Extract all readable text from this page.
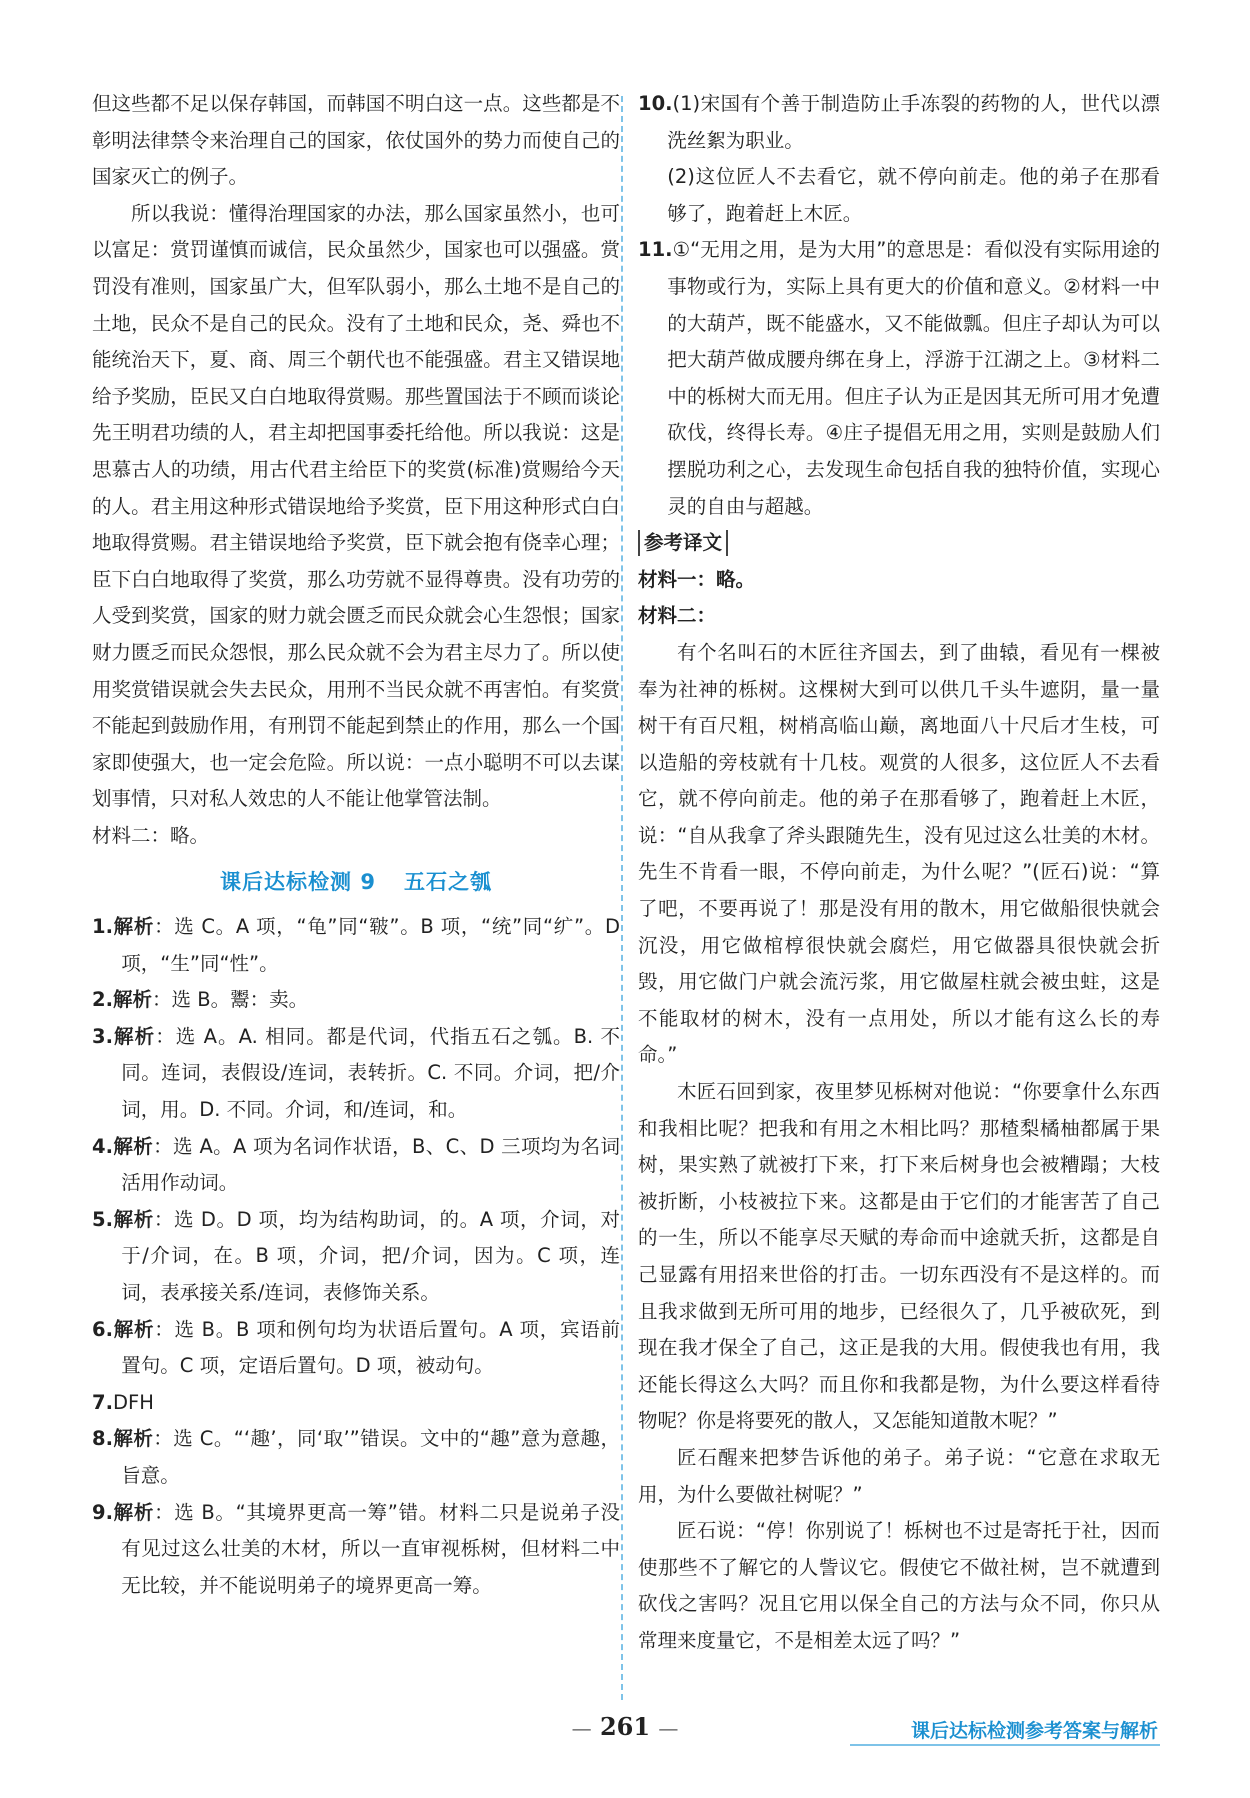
但这些都不足以保存韩国，而韩国不明白这一点。这些都是不彰明法律禁令来治理自己的国家，依仗国外的势力而使自己的国家灭亡的例子。

所以我说：懂得治理国家的办法，那么国家虽然小，也可以富足：赏罚谨慎而诚信，民众虽然少，国家也可以强盛。赏罚没有准则，国家虽广大，但军队弱小，那么土地不是自己的土地，民众不是自己的民众。没有了土地和民众，尧、舜也不能统治天下，夏、商、周三个朝代也不能强盛。君主又错误地给予奖励，臣民又白白地取得赏赐。那些置国法于不顾而谈论先王明君功绩的人，君主却把国事委托给他。所以我说：这是思慕古人的功绩，用古代君主给臣下的奖赏(标准)赏赐给今天的人。君主用这种形式错误地给予奖赏，臣下用这种形式白白地取得赏赐。君主错误地给予奖赏，臣下就会抱有侥幸心理；臣下白白地取得了奖赏，那么功劳就不显得尊贵。没有功劳的人受到奖赏，国家的财力就会匮乏而民众就会心生怨恨；国家财力匮乏而民众怨恨，那么民众就不会为君主尽力了。所以使用奖赏错误就会失去民众，用刑不当民众就不再害怕。有奖赏不能起到鼓励作用，有刑罚不能起到禁止的作用，那么一个国家即使强大，也一定会危险。所以说：一点小聪明不可以去谋划事情，只对私人效忠的人不能让他掌管法制。

材料二：略。

课后达标检测 9 五石之瓠

1.解析：选 C。A 项，“龟”同“皲”。B 项，“统”同“纩”。D 项，“生”同“性”。

2.解析：选 B。鬻：卖。

3.解析：选 A。A. 相同。都是代词，代指五石之瓠。B. 不同。连词，表假设/连词，表转折。C. 不同。介词，把/介词，用。D. 不同。介词，和/连词，和。

4.解析：选 A。A 项为名词作状语，B、C、D 三项均为名词活用作动词。

5.解析：选 D。D 项，均为结构助词，的。A 项，介词，对于/介词，在。B 项，介词，把/介词，因为。C 项，连词，表承接关系/连词，表修饰关系。

6.解析：选 B。B 项和例句均为状语后置句。A 项，宾语前置句。C 项，定语后置句。D 项，被动句。

7.DFH

8.解析：选 C。“‘趣’，同‘取’”错误。文中的“趣”意为意趣，旨意。

9.解析：选 B。“其境界更高一筹”错。材料二只是说弟子没有见过这么壮美的木材，所以一直审视栎树，但材料二中无比较，并不能说明弟子的境界更高一筹。

10.(1)宋国有个善于制造防止手冻裂的药物的人，世代以漂洗丝絮为职业。

(2)这位匠人不去看它，就不停向前走。他的弟子在那看够了，跑着赶上木匠。

11.①“无用之用，是为大用”的意思是：看似没有实际用途的事物或行为，实际上具有更大的价值和意义。②材料一中的大葫芦，既不能盛水，又不能做瓢。但庄子却认为可以把大葫芦做成腰舟绑在身上，浮游于江湖之上。③材料二中的栎树大而无用。但庄子认为正是因其无所可用才免遭砍伐，终得长寿。④庄子提倡无用之用，实则是鼓励人们摆脱功利之心，去发现生命包括自我的独特价值，实现心灵的自由与超越。

参考译文

材料一：略。

材料二：

有个名叫石的木匠往齐国去，到了曲辕，看见有一棵被奉为社神的栎树。这棵树大到可以供几千头牛遮阴，量一量树干有百尺粗，树梢高临山巅，离地面八十尺后才生枝，可以造船的旁枝就有十几枝。观赏的人很多，这位匠人不去看它，就不停向前走。他的弟子在那看够了，跑着赶上木匠，说：“自从我拿了斧头跟随先生，没有见过这么壮美的木材。先生不肯看一眼，不停向前走，为什么呢？”(匠石)说：“算了吧，不要再说了！那是没有用的散木，用它做船很快就会沉没，用它做棺椁很快就会腐烂，用它做器具很快就会折毁，用它做门户就会流污浆，用它做屋柱就会被虫蛀，这是不能取材的树木，没有一点用处，所以才能有这么长的寿命。”

木匠石回到家，夜里梦见栎树对他说：“你要拿什么东西和我相比呢？把我和有用之木相比吗？那楂梨橘柚都属于果树，果实熟了就被打下来，打下来后树身也会被糟蹋；大枝被折断，小枝被拉下来。这都是由于它们的才能害苦了自己的一生，所以不能享尽天赋的寿命而中途就夭折，这都是自己显露有用招来世俗的打击。一切东西没有不是这样的。而且我求做到无所可用的地步，已经很久了，几乎被砍死，到现在我才保全了自己，这正是我的大用。假使我也有用，我还能长得这么大吗？而且你和我都是物，为什么要这样看待物呢？你是将要死的散人，又怎能知道散木呢？”

匠石醒来把梦告诉他的弟子。弟子说：“它意在求取无用，为什么要做社树呢？”

匠石说：“停！你别说了！栎树也不过是寄托于社，因而使那些不了解它的人訾议它。假使它不做社树，岂不就遭到砍伐之害吗？况且它用以保全自己的方法与众不同，你只从常理来度量它，不是相差太远了吗？”

— 261 —	课后达标检测参考答案与解析
